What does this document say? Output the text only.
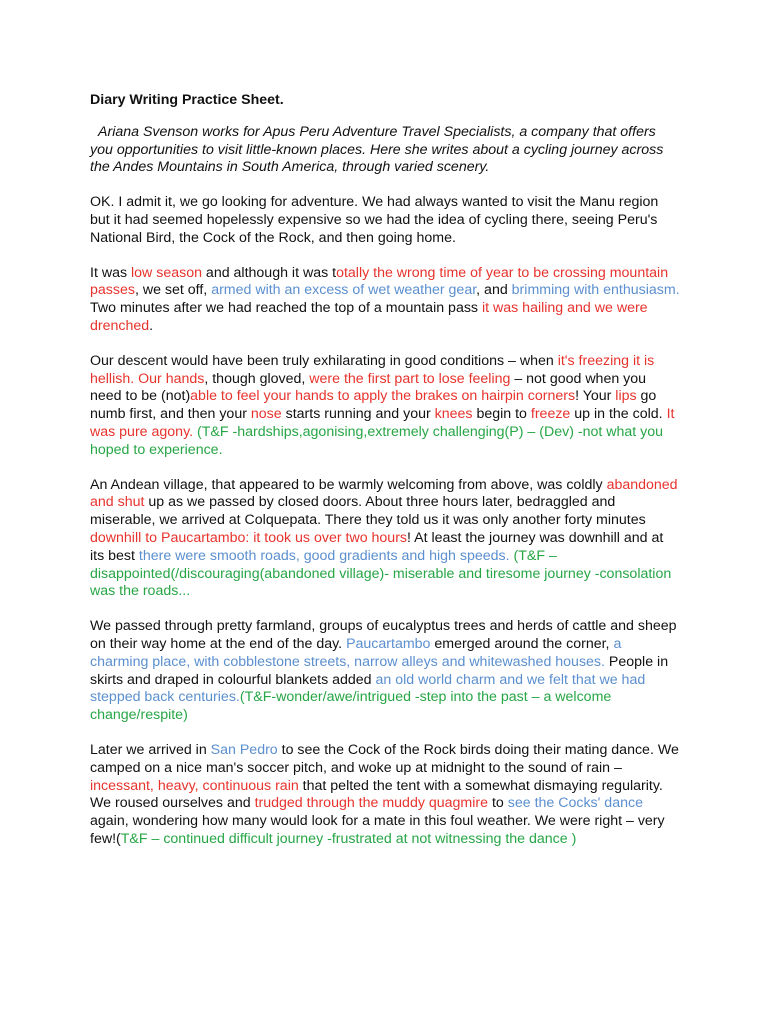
Diary Writing Practice Sheet.
Ariana Svenson works for Apus Peru Adventure Travel Specialists, a company that offers you opportunities to visit little-known places. Here she writes about a cycling journey across the Andes Mountains in South America, through varied scenery.
OK. I admit it, we go looking for adventure. We had always wanted to visit the Manu region but it had seemed hopelessly expensive so we had the idea of cycling there, seeing Peru's National Bird, the Cock of the Rock, and then going home.
It was low season and although it was totally the wrong time of year to be crossing mountain passes, we set off, armed with an excess of wet weather gear, and brimming with enthusiasm. Two minutes after we had reached the top of a mountain pass it was hailing and we were drenched.
Our descent would have been truly exhilarating in good conditions – when it's freezing it is hellish. Our hands, though gloved, were the first part to lose feeling – not good when you need to be (not)able to feel your hands to apply the brakes on hairpin corners! Your lips go numb first, and then your nose starts running and your knees begin to freeze up in the cold. It was pure agony. (T&F -hardships,agonising,extremely challenging(P) – (Dev) -not what you hoped to experience.
An Andean village, that appeared to be warmly welcoming from above, was coldly abandoned and shut up as we passed by closed doors. About three hours later, bedraggled and miserable, we arrived at Colquepata. There they told us it was only another forty minutes downhill to Paucartambo: it took us over two hours! At least the journey was downhill and at its best there were smooth roads, good gradients and high speeds. (T&F – disappointed(/discouraging(abandoned village)- miserable and tiresome journey -consolation was the roads...
We passed through pretty farmland, groups of eucalyptus trees and herds of cattle and sheep on their way home at the end of the day. Paucartambo emerged around the corner, a charming place, with cobblestone streets, narrow alleys and whitewashed houses. People in skirts and draped in colourful blankets added an old world charm and we felt that we had stepped back centuries.(T&F-wonder/awe/intrigued -step into the past – a welcome change/respite)
Later we arrived in San Pedro to see the Cock of the Rock birds doing their mating dance. We camped on a nice man's soccer pitch, and woke up at midnight to the sound of rain – incessant, heavy, continuous rain that pelted the tent with a somewhat dismaying regularity. We roused ourselves and trudged through the muddy quagmire to see the Cocks' dance again, wondering how many would look for a mate in this foul weather. We were right – very few!(T&F – continued difficult journey -frustrated at not witnessing the dance )
